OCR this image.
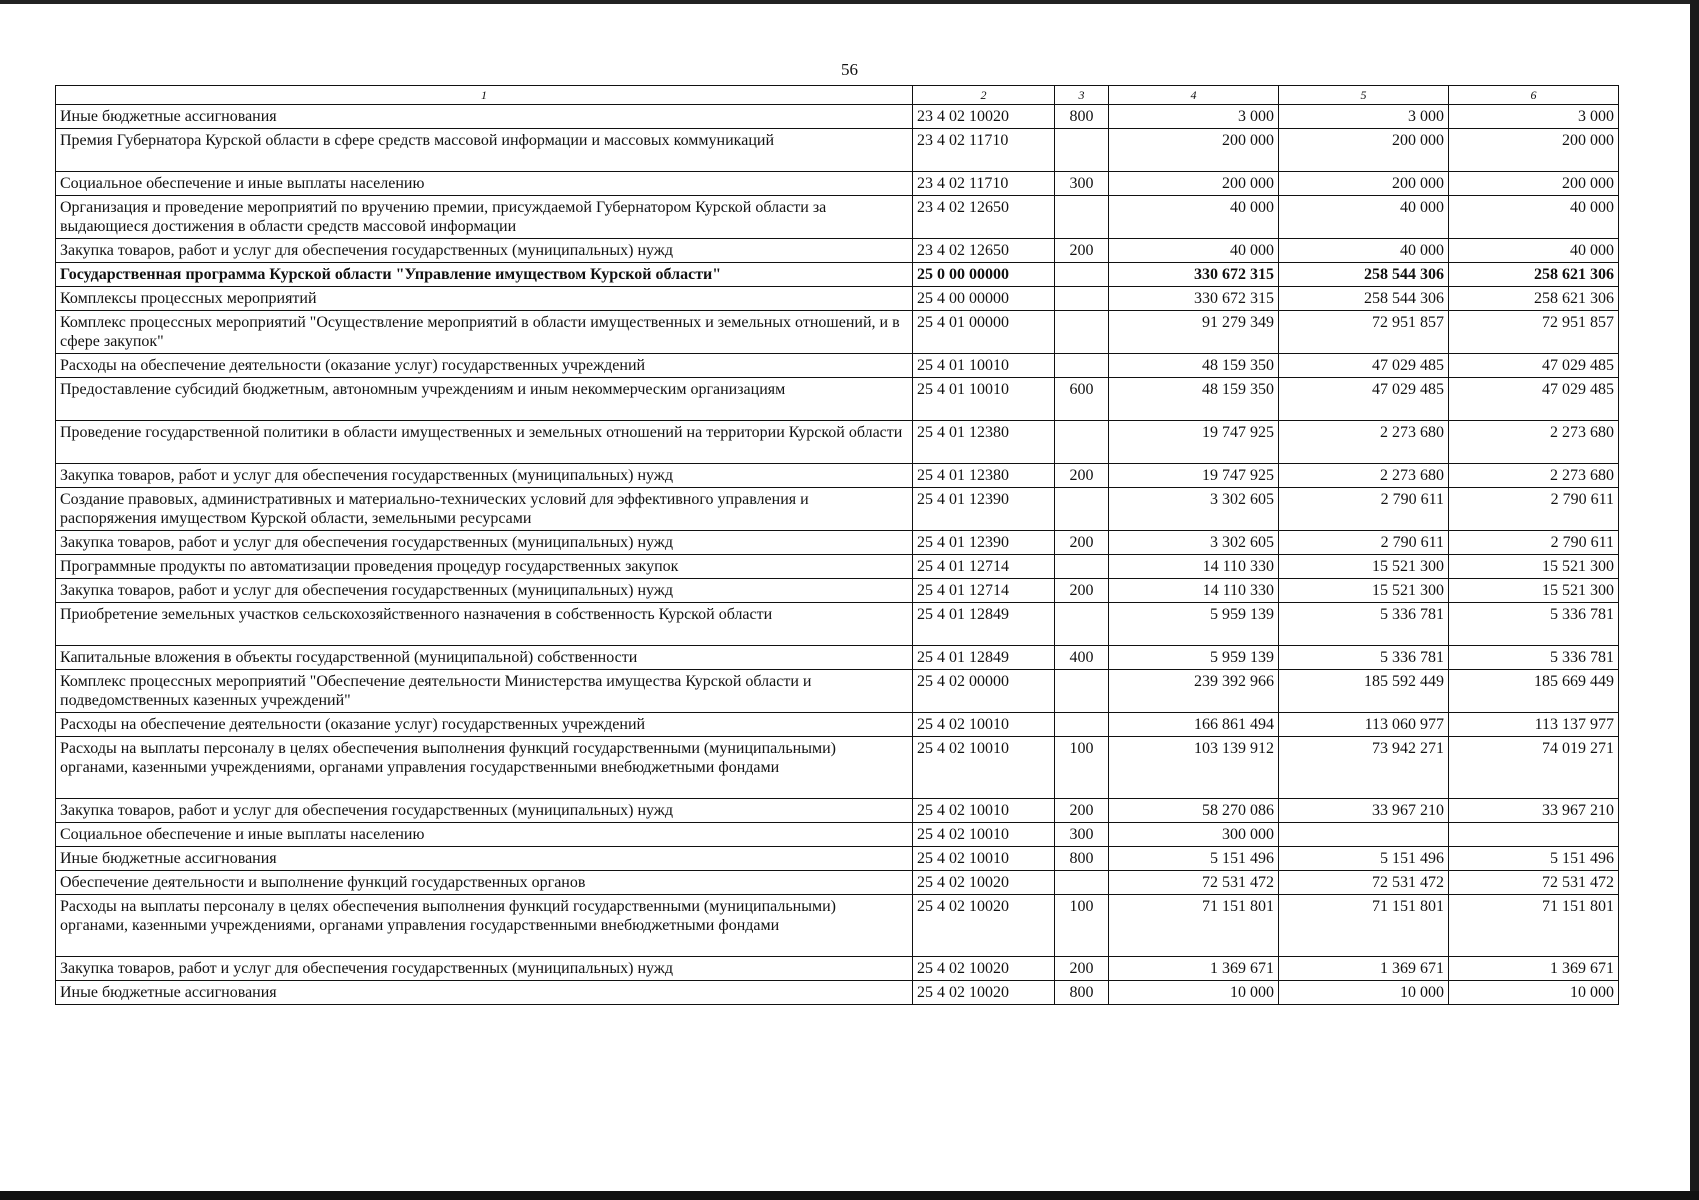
56
1	2	3	4	5	6
Иные бюджетные ассигнования	23 4 02 10020	800	3 000	3 000	3 000
Премия Губернатора Курской области в сфере средств массовой информации и массовых коммуникаций	23 4 02 11710		200 000	200 000	200 000
Социальное обеспечение и иные выплаты населению	23 4 02 11710	300	200 000	200 000	200 000
Организация и проведение мероприятий по вручению премии, присуждаемой Губернатором Курской области за выдающиеся достижения в области средств массовой информации	23 4 02 12650		40 000	40 000	40 000
Закупка товаров, работ и услуг для обеспечения государственных (муниципальных) нужд	23 4 02 12650	200	40 000	40 000	40 000
Государственная программа Курской области "Управление имуществом Курской области"	25 0 00 00000		330 672 315	258 544 306	258 621 306
Комплексы процессных мероприятий	25 4 00 00000		330 672 315	258 544 306	258 621 306
Комплекс процессных мероприятий "Осуществление мероприятий в области имущественных и земельных отношений, и в сфере закупок"	25 4 01 00000		91 279 349	72 951 857	72 951 857
Расходы на обеспечение деятельности (оказание услуг) государственных учреждений	25 4 01 10010		48 159 350	47 029 485	47 029 485
Предоставление субсидий бюджетным, автономным учреждениям и иным некоммерческим организациям	25 4 01 10010	600	48 159 350	47 029 485	47 029 485
Проведение государственной политики в области имущественных и земельных отношений на территории Курской области	25 4 01 12380		19 747 925	2 273 680	2 273 680
Закупка товаров, работ и услуг для обеспечения государственных (муниципальных) нужд	25 4 01 12380	200	19 747 925	2 273 680	2 273 680
Создание правовых, административных и материально-технических условий для эффективного управления и распоряжения имуществом Курской области, земельными ресурсами	25 4 01 12390		3 302 605	2 790 611	2 790 611
Закупка товаров, работ и услуг для обеспечения государственных (муниципальных) нужд	25 4 01 12390	200	3 302 605	2 790 611	2 790 611
Программные продукты по автоматизации проведения процедур государственных закупок	25 4 01 12714		14 110 330	15 521 300	15 521 300
Закупка товаров, работ и услуг для обеспечения государственных (муниципальных) нужд	25 4 01 12714	200	14 110 330	15 521 300	15 521 300
Приобретение земельных участков сельскохозяйственного назначения в собственность Курской области	25 4 01 12849		5 959 139	5 336 781	5 336 781
Капитальные вложения в объекты государственной (муниципальной) собственности	25 4 01 12849	400	5 959 139	5 336 781	5 336 781
Комплекс процессных мероприятий "Обеспечение деятельности Министерства имущества Курской области и подведомственных казенных учреждений"	25 4 02 00000		239 392 966	185 592 449	185 669 449
Расходы на обеспечение деятельности (оказание услуг) государственных учреждений	25 4 02 10010		166 861 494	113 060 977	113 137 977
Расходы на выплаты персоналу в целях обеспечения выполнения функций государственными (муниципальными) органами, казенными учреждениями, органами управления государственными внебюджетными фондами	25 4 02 10010	100	103 139 912	73 942 271	74 019 271
Закупка товаров, работ и услуг для обеспечения государственных (муниципальных) нужд	25 4 02 10010	200	58 270 086	33 967 210	33 967 210
Социальное обеспечение и иные выплаты населению	25 4 02 10010	300	300 000		
Иные бюджетные ассигнования	25 4 02 10010	800	5 151 496	5 151 496	5 151 496
Обеспечение деятельности и выполнение функций государственных органов	25 4 02 10020		72 531 472	72 531 472	72 531 472
Расходы на выплаты персоналу в целях обеспечения выполнения функций государственными (муниципальными) органами, казенными учреждениями, органами управления государственными внебюджетными фондами	25 4 02 10020	100	71 151 801	71 151 801	71 151 801
Закупка товаров, работ и услуг для обеспечения государственных (муниципальных) нужд	25 4 02 10020	200	1 369 671	1 369 671	1 369 671
Иные бюджетные ассигнования	25 4 02 10020	800	10 000	10 000	10 000
